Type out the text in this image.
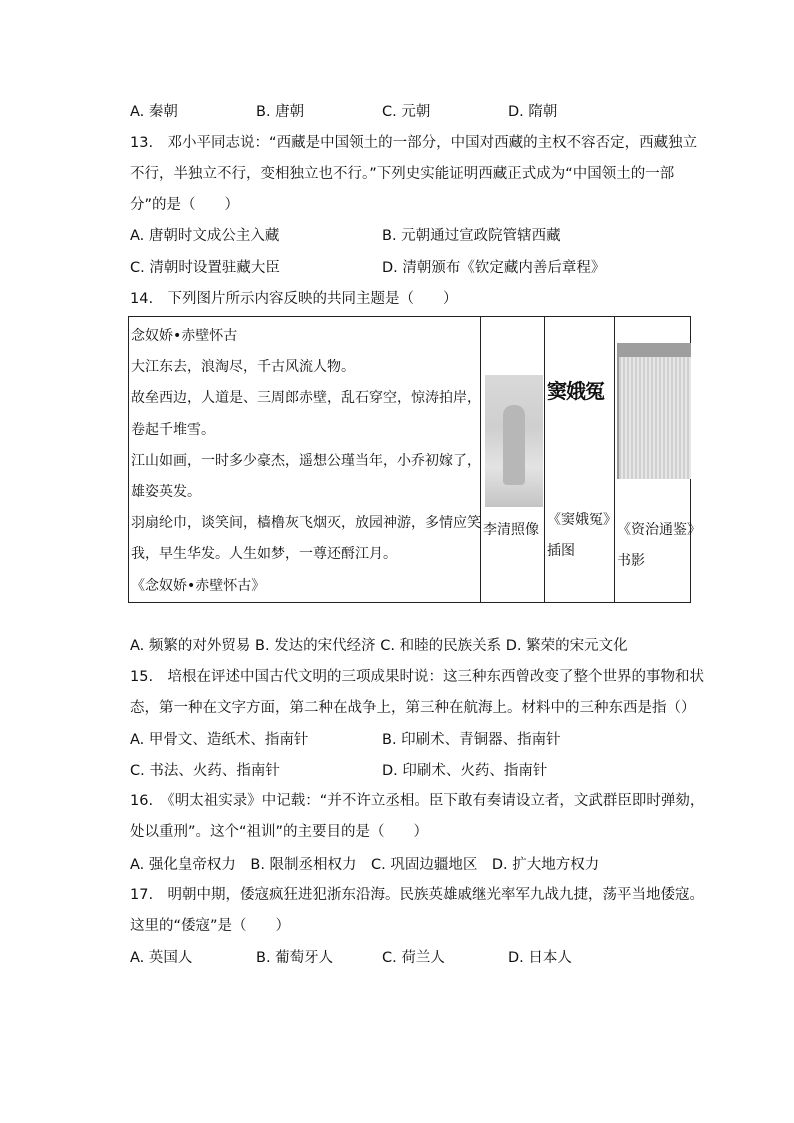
A. 秦朝	B. 唐朝	C. 元朝	D. 隋朝
13.　邓小平同志说：“西藏是中国领土的一部分，中国对西藏的主权不容否定，西藏独立不行，半独立不行，变相独立也不行。”下列史实能证明西藏正式成为“中国领土的一部分”的是（　　）
A. 唐朝时文成公主入藏	B. 元朝通过宣政院管辖西藏
C. 清朝时设置驻藏大臣	D. 清朝颁布《钦定藏内善后章程》
14.　下列图片所示内容反映的共同主题是（　　）
念奴娇•赤壁怀古
大江东去，浪淘尽，千古风流人物。
故垒西边，人道是、三周郎赤壁，乱石穿空，惊涛拍岸，
卷起千堆雪。
江山如画，一时多少豪杰，遥想公瑾当年，小乔初嫁了，
雄姿英发。
羽扇纶巾，谈笑间，樯橹灰飞烟灭，放园神游，多情应笑
我，早生华发。人生如梦，一尊还酹江月。
《念奴娇•赤壁怀古》

李清照像

窦娥冤
《窦娥冤》
插图

《资治通鉴》
书影
A. 频繁的对外贸易 B. 发达的宋代经济 C. 和睦的民族关系 D. 繁荣的宋元文化
15.　培根在评述中国古代文明的三项成果时说：这三种东西曾改变了整个世界的事物和状态，第一种在文字方面，第二种在战争上，第三种在航海上。材料中的三种东西是指（）
A. 甲骨文、造纸术、指南针	B. 印刷术、青铜器、指南针
C. 书法、火药、指南针	D. 印刷术、火药、指南针
16.　《明太祖实录》中记载：“并不许立丞相。臣下敢有奏请设立者，文武群臣即时弹劾，处以重刑”。这个“祖训”的主要目的是（　　）
A. 强化皇帝权力　B. 限制丞相权力　C. 巩固边疆地区　D. 扩大地方权力
17.　明朝中期，倭寇疯狂进犯浙东沿海。民族英雄戚继光率军九战九捷，荡平当地倭寇。这里的“倭寇”是（　　）
A. 英国人	B. 葡萄牙人	C. 荷兰人	D. 日本人
